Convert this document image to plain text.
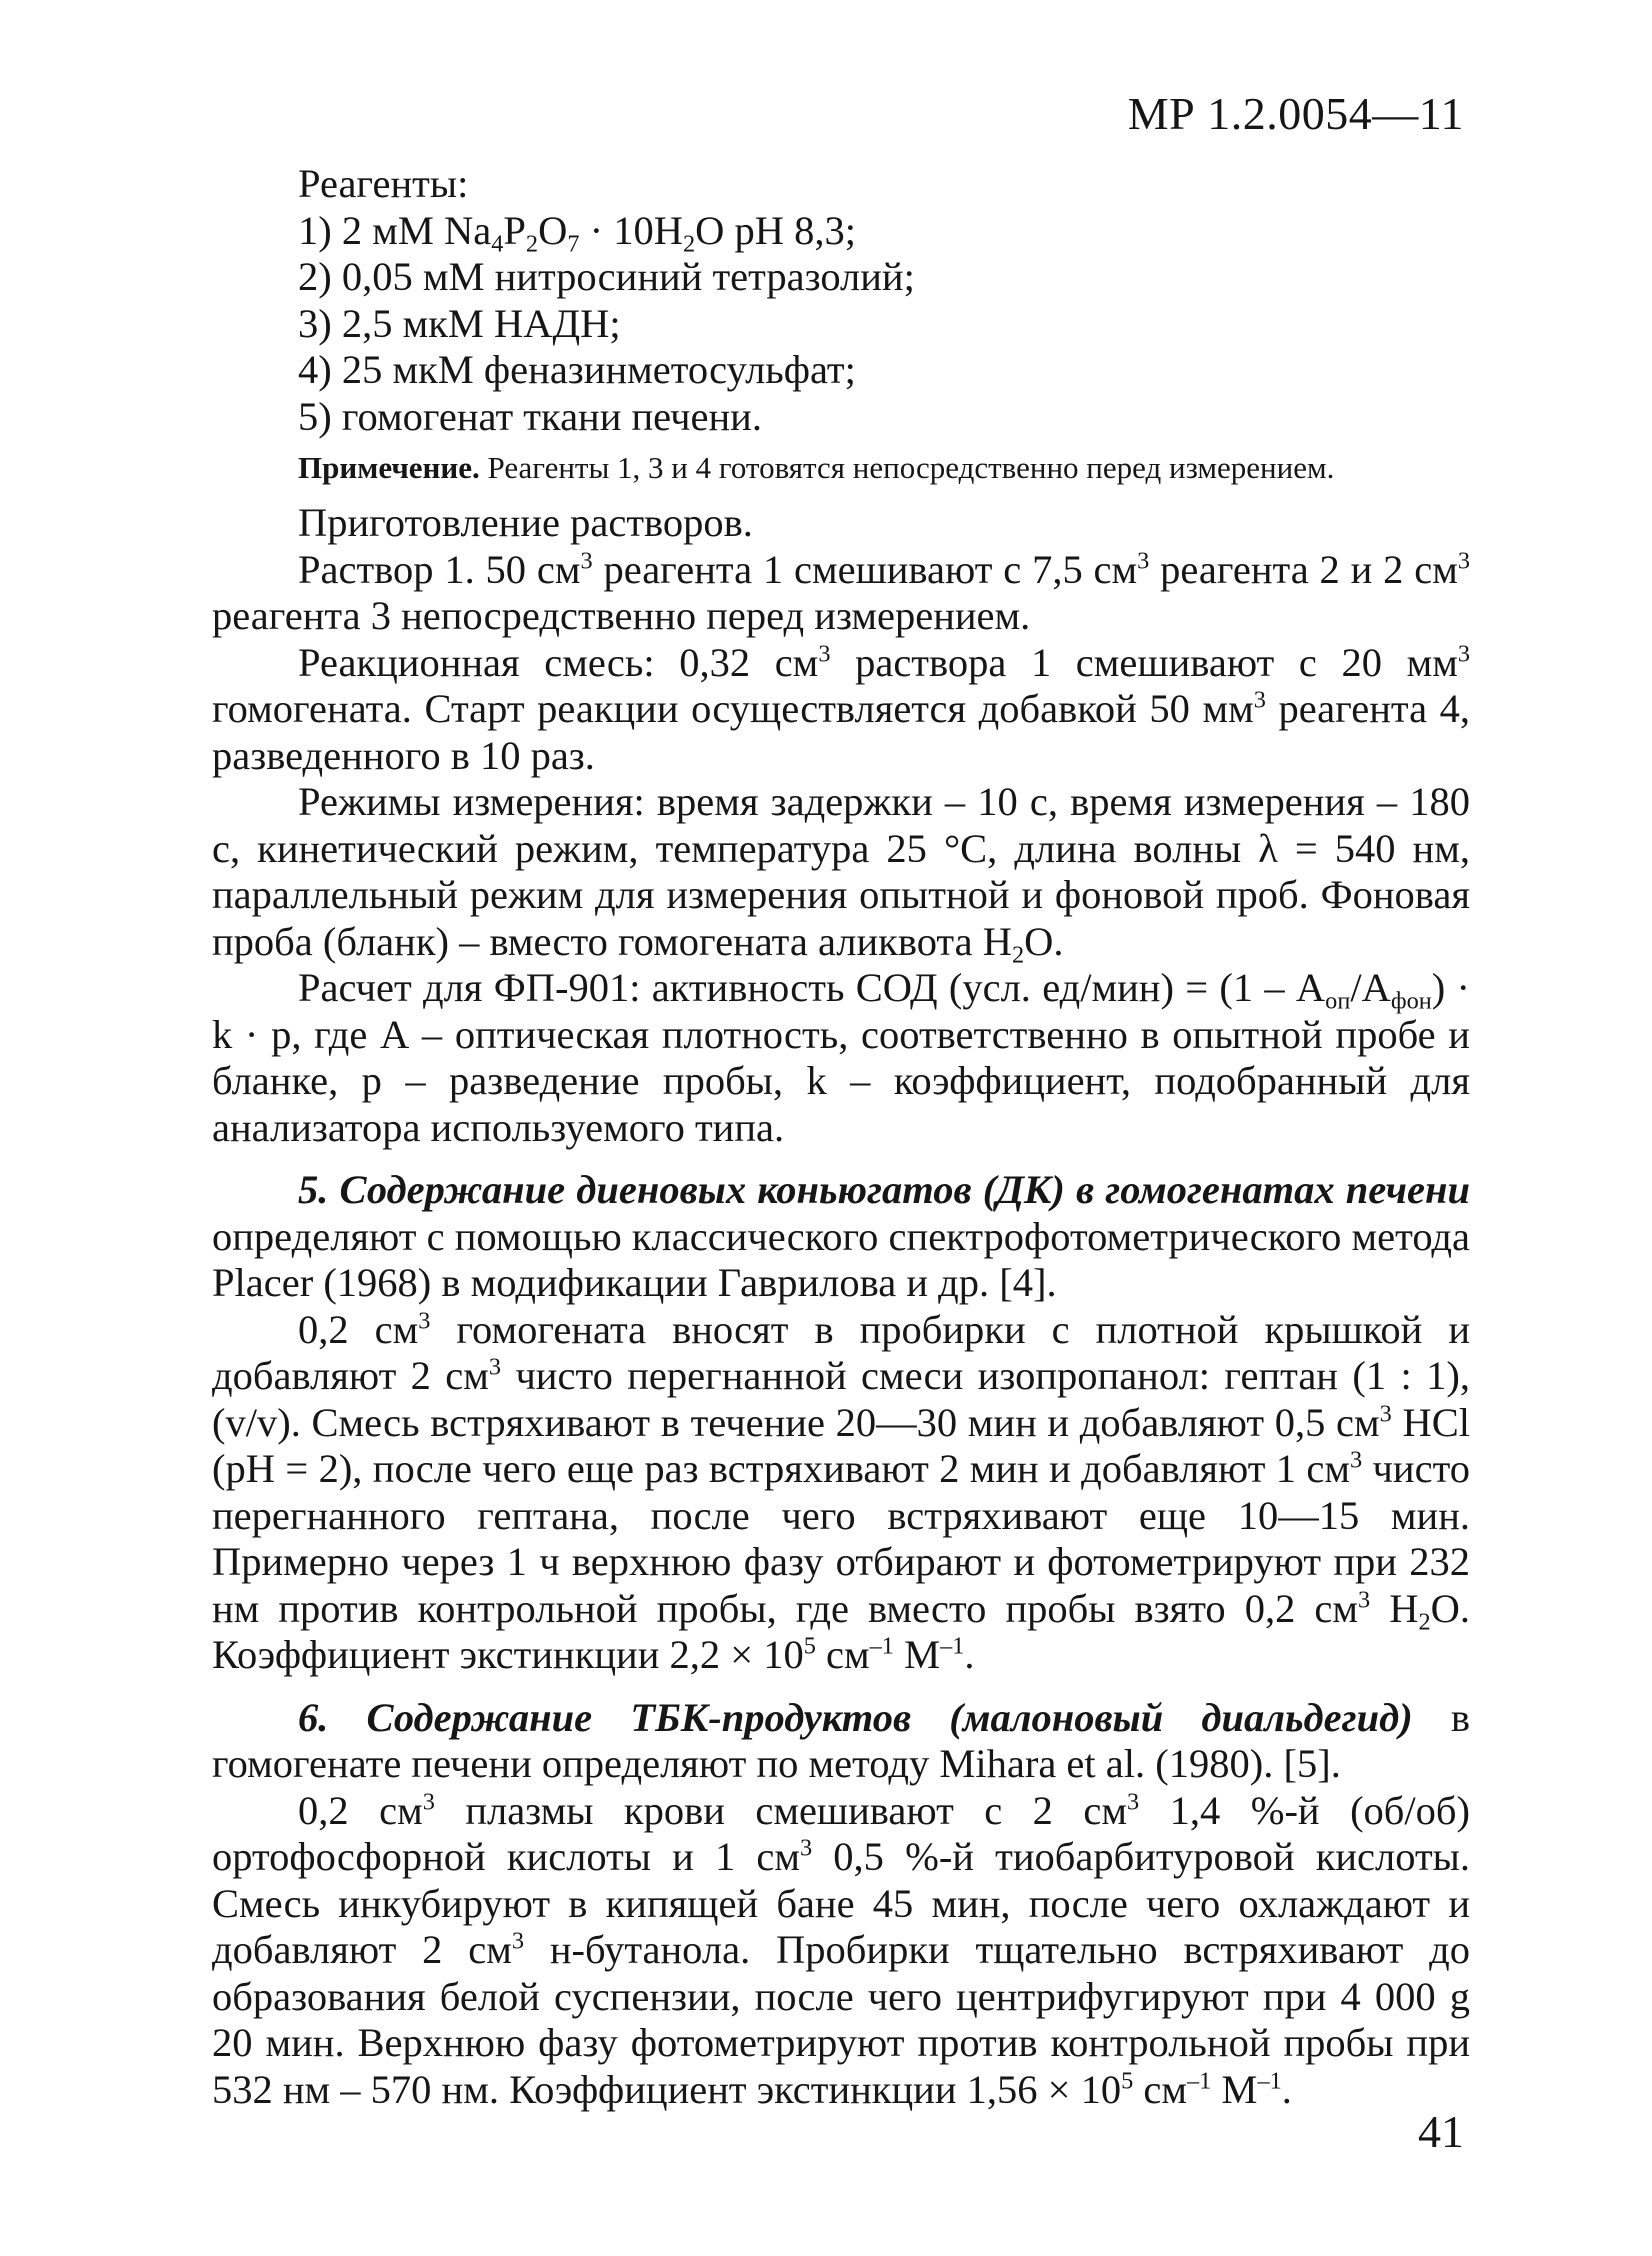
МР 1.2.0054—11

Реагенты:

1) 2 мМ $Na_4P_2O_7 \cdot 10H_2O$ pH 8,3;

2) 0,05 мМ нитросиний тетразолий;

3) 2,5 мкМ НАДН;

4) 25 мкМ феназинметосульфат;

5) гомогенат ткани печени.

Примечение. Реагенты 1, 3 и 4 готовятся непосредственно перед измерением.

Приготовление растворов.

Раствор 1. 50 $см^3$ реагента 1 смешивают с 7,5 $см^3$ реагента 2 и 2 $см^3$ реагента 3 непосредственно перед измерением.

Реакционная смесь: 0,32 $см^3$ раствора 1 смешивают с 20 $мм^3$ гомогената. Старт реакции осуществляется добавкой 50 $мм^3$ реагента 4, разведенного в 10 раз.

Режимы измерения: время задержки – 10 с, время измерения – 180 с, кинетический режим, температура 25 °С, длина волны λ = 540 нм, параллельный режим для измерения опытной и фоновой проб. Фоновая проба (бланк) – вместо гомогената аликвота $H_2O$.

Расчет для ФП-901: активность СОД (усл. $ед/мин) = (1 - A_{оп}/A_{фон}) \cdot k \cdot p$, где А – оптическая плотность, соответственно в опытной пробе и бланке, p – разведение пробы, k – коэффициент, подобранный для анализатора используемого типа.

5. Содержание диеновых коньюгатов (ДК) в гомогенатах печени определяют с помощью классического спектрофотометрического метода Placer (1968) в модификации Гаврилова и др. [4].

0,2 $см^3$ гомогената вносят в пробирки с плотной крышкой и добавляют 2 $см^3$ чисто перегнанной смеси изопропанол: гептан (1 : 1), (v/v). Смесь встряхивают в течение 20—30 мин и добавляют 0,5 $см^3$ HCl (pH = 2), после чего еще раз встряхивают 2 мин и добавляют 1 $см^3$ чисто перегнанного гептана, после чего встряхивают еще 10—15 мин. Примерно через 1 ч верхнюю фазу отбирают и фотометрируют при 232 нм против контрольной пробы, где вместо пробы взято 0,2 $см^3$ $H_2O$. Коэффициент экстинкции $2,2 \times 10^5$ $см^{-1}$ $M^{-1}$.

6. Содержание ТБК-продуктов (малоновый диальдегид) в гомогенате печени определяют по методу Mihara et al. (1980). [5].

0,2 $см^3$ плазмы крови смешивают с 2 $см^3$ 1,4 %-й (об/об) ортофосфорной кислоты и 1 $см^3$ 0,5 %-й тиобарбитуровой кислоты. Смесь инкубируют в кипящей бане 45 мин, после чего охлаждают и добавляют 2 $см^3$ н-бутанола. Пробирки тщательно встряхивают до образования белой суспензии, после чего центрифугируют при 4 000 g 20 мин. Верхнюю фазу фотометрируют против контрольной пробы при 532 нм – 570 нм. Коэффициент экстинкции $1,56 \times 10^5$ $см^{-1}$ $M^{-1}$.

41
